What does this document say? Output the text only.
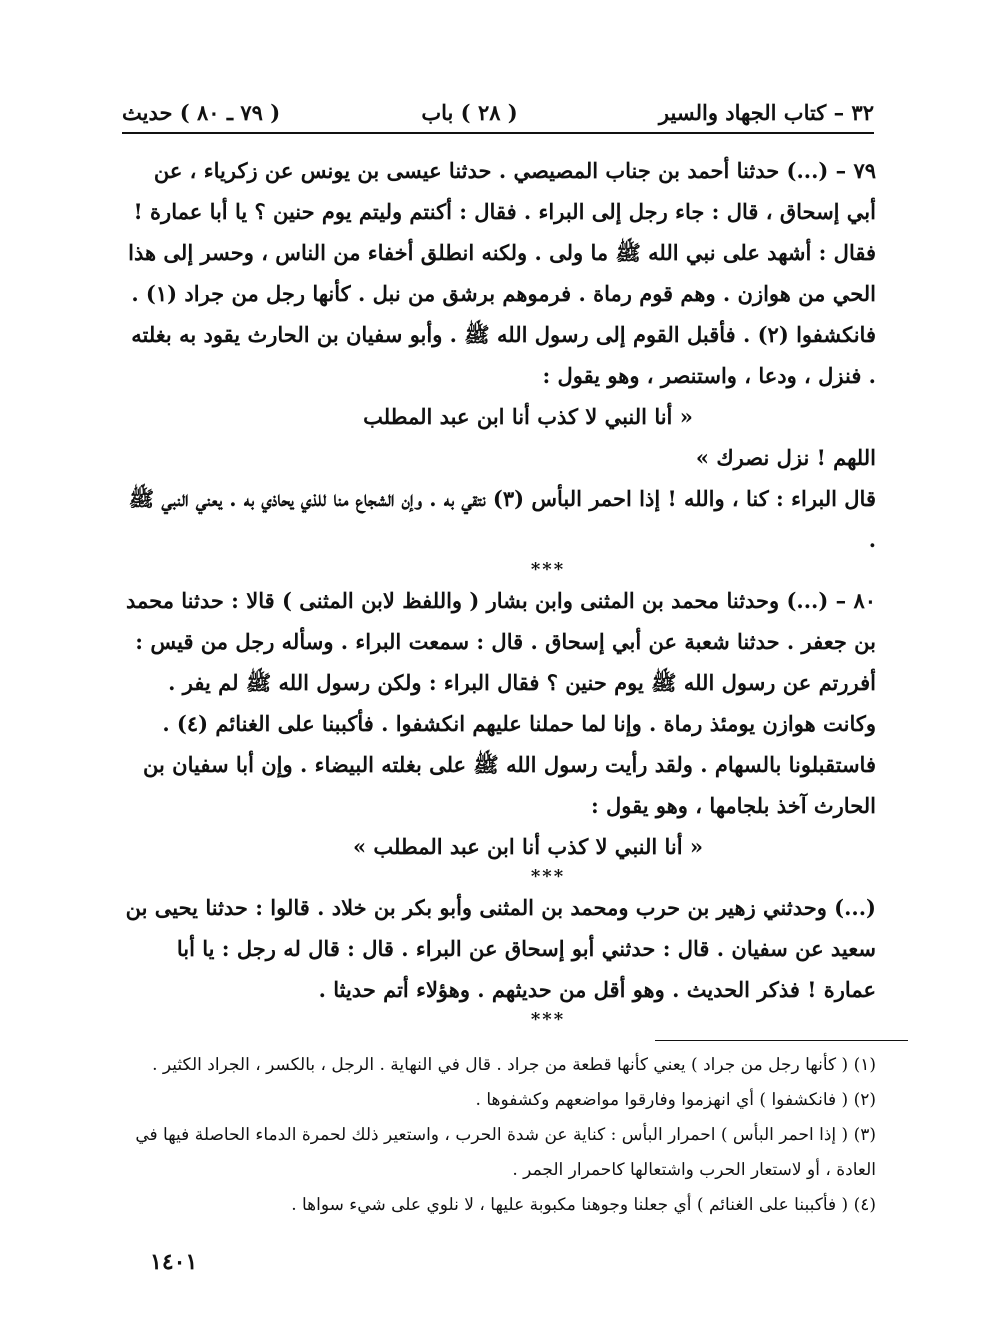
٣٢ – كتاب الجهاد والسير
( ٢٨ ) باب
( ٧٩ ـ ٨٠ ) حديث

٧٩ – (...) حدثنا أحمد بن جناب المصيصي . حدثنا عيسى بن يونس عن زكرياء ، عن أبي إسحاق ، قال : جاء رجل إلى البراء . فقال : أكنتم وليتم يوم حنين ؟ يا أبا عمارة ! فقال : أشهد على نبي الله ﷺ ما ولى . ولكنه انطلق أخفاء من الناس ، وحسر إلى هذا الحي من هوازن . وهم قوم رماة . فرموهم برشق من نبل . كأنها رجل من جراد (١) . فانكشفوا (٢) . فأقبل القوم إلى رسول الله ﷺ . وأبو سفيان بن الحارث يقود به بغلته . فنزل ، ودعا ، واستنصر ، وهو يقول :

« أنا النبي لا كذب أنا ابن عبد المطلب

اللهم ! نزل نصرك »

قال البراء : كنا ، والله ! إذا احمر البأس (٣) نتقي به . وإن الشجاع منا للذي يحاذي به . يعني النبي ﷺ .

***

٨٠ – (...) وحدثنا محمد بن المثنى وابن بشار ( واللفظ لابن المثنى ) قالا : حدثنا محمد بن جعفر . حدثنا شعبة عن أبي إسحاق . قال : سمعت البراء . وسأله رجل من قيس : أفررتم عن رسول الله ﷺ يوم حنين ؟ فقال البراء : ولكن رسول الله ﷺ لم يفر . وكانت هوازن يومئذ رماة . وإنا لما حملنا عليهم انكشفوا . فأكببنا على الغنائم (٤) . فاستقبلونا بالسهام . ولقد رأيت رسول الله ﷺ على بغلته البيضاء . وإن أبا سفيان بن الحارث آخذ بلجامها ، وهو يقول :

« أنا النبي لا كذب أنا ابن عبد المطلب »

***

(...) وحدثني زهير بن حرب ومحمد بن المثنى وأبو بكر بن خلاد . قالوا : حدثنا يحيى بن سعيد عن سفيان . قال : حدثني أبو إسحاق عن البراء . قال : قال له رجل : يا أبا عمارة ! فذكر الحديث . وهو أقل من حديثهم . وهؤلاء أتم حديثا .

***

(١) ( كأنها رجل من جراد ) يعني كأنها قطعة من جراد . قال في النهاية . الرجل ، بالكسر ، الجراد الكثير .

(٢) ( فانكشفوا ) أي انهزموا وفارقوا مواضعهم وكشفوها .

(٣) ( إذا احمر البأس ) احمرار البأس : كناية عن شدة الحرب ، واستعير ذلك لحمرة الدماء الحاصلة فيها في العادة ، أو لاستعار الحرب واشتعالها كاحمرار الجمر .

(٤) ( فأكببنا على الغنائم ) أي جعلنا وجوهنا مكبوبة عليها ، لا نلوي على شيء سواها .

١٤٠١
